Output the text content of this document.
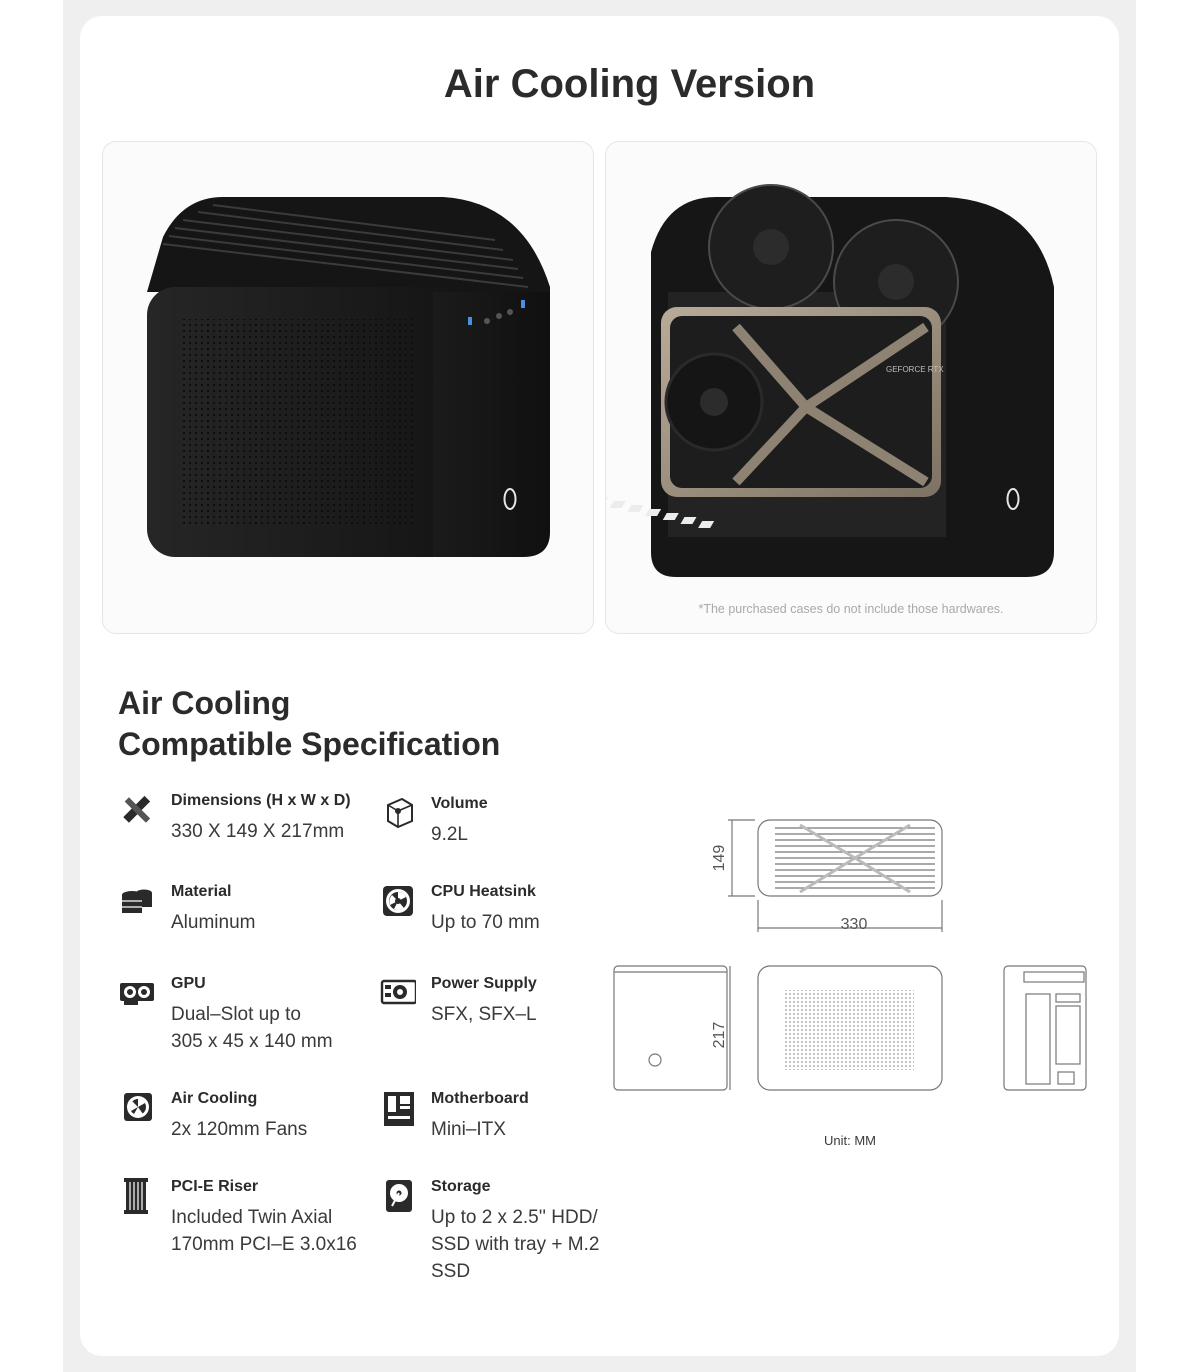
Air Cooling Version
GEFORCE RTX
*The purchased cases do not include those hardwares.
Air Cooling
Compatible Specification
Dimensions (H x W x D)
330 X 149 X 217mm
Volume
9.2L
Material
Aluminum
CPU Heatsink
Up to 70 mm
GPU
Dual–Slot up to
305 x 45 x 140 mm
Power Supply
SFX, SFX–L
Air Cooling
2x 120mm Fans
Motherboard
Mini–ITX
PCI-E Riser
Included Twin Axial
170mm PCI–E 3.0x16
Storage
Up to 2 x 2.5'' HDD/
SSD with tray + M.2
SSD
149
330
217
Unit: MM
